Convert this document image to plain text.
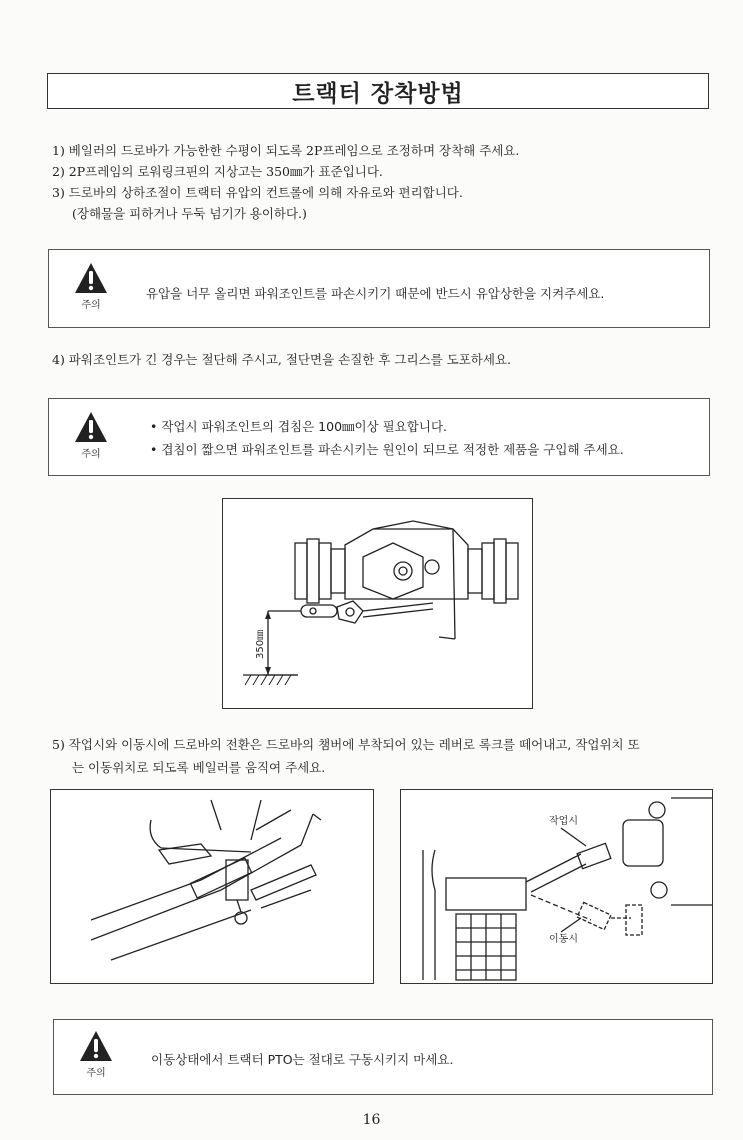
트랙터 장착방법
1) 베일러의 드로바가 가능한한 수평이 되도록 2P프레임으로 조정하며 장착해 주세요.
2) 2P프레임의 로워링크핀의 지상고는 350㎜가 표준입니다.
3) 드로바의 상하조절이 트랙터 유압의 컨트롤에 의해 자유로와 편리합니다.
(장해물을 피하거나 두둑 넘기가 용이하다.)
주의
유압을 너무 올리면 파워조인트를 파손시키기 때문에 반드시 유압상한을 지켜주세요.
4) 파워조인트가 긴 경우는 절단해 주시고, 절단면을 손질한 후 그리스를 도포하세요.
주의
• 작업시 파워조인트의 겹침은 100㎜이상 필요합니다.
• 겹침이 짧으면 파워조인트를 파손시키는 원인이 되므로 적정한 제품을 구입해 주세요.
350㎜
5) 작업시와 이동시에 드로바의 전환은 드로바의 챔버에 부착되어 있는 레버로 록크를 떼어내고, 작업위치 또
는 이동위치로 되도록 베일러를 움직여 주세요.
작업시
이동시
주의
이동상태에서 트랙터 PTO는 절대로 구동시키지 마세요.
16
